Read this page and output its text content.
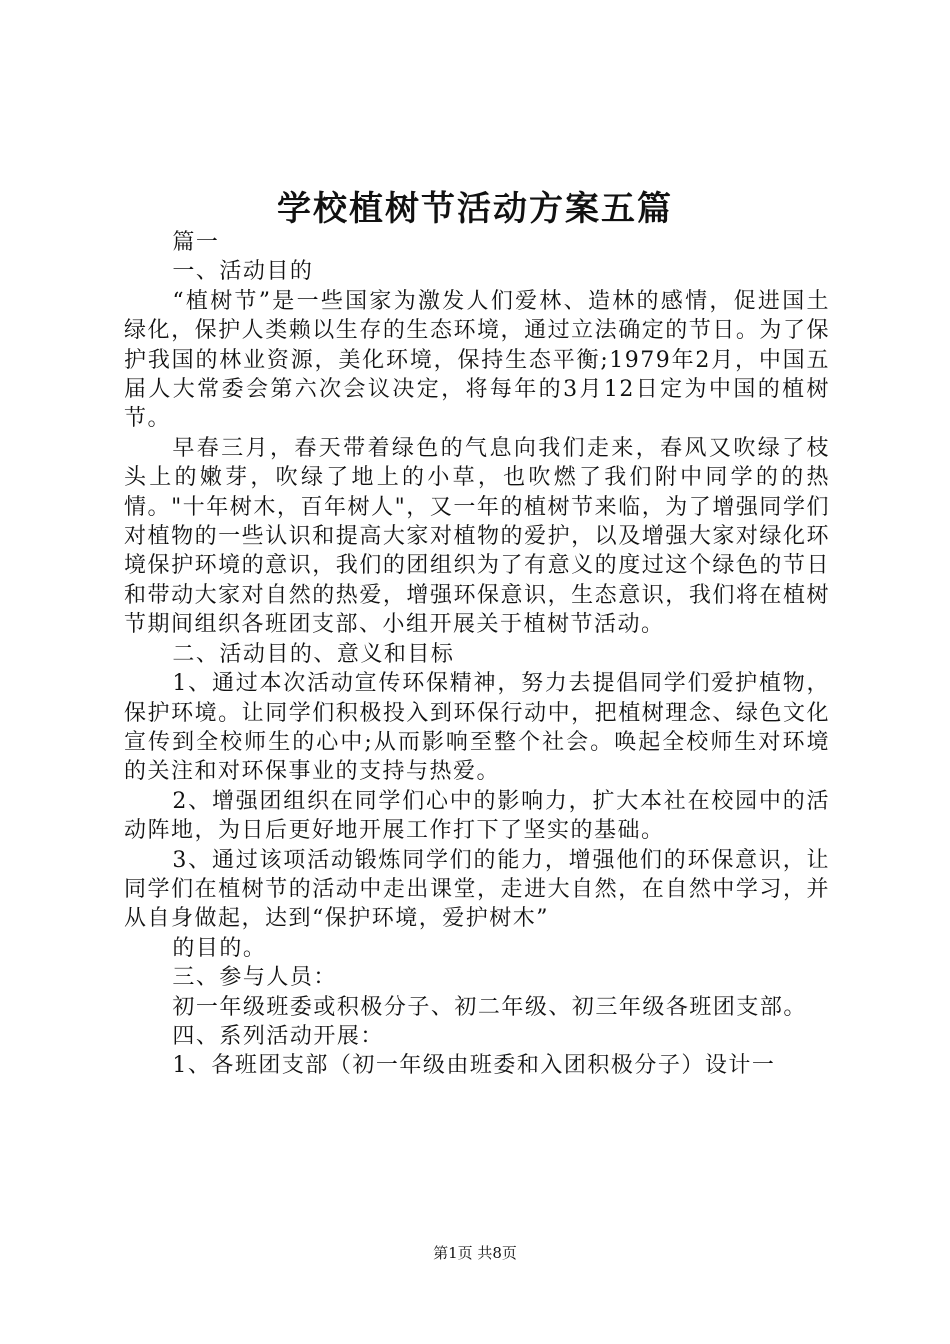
学校植树节活动方案五篇

篇一

一、活动目的

“植树节”是一些国家为激发人们爱林、造林的感情，促进国土绿化，保护人类赖以生存的生态环境，通过立法确定的节日。为了保护我国的林业资源，美化环境，保持生态平衡;1979年2月，中国五届人大常委会第六次会议决定，将每年的3月12日定为中国的植树节。

早春三月，春天带着绿色的气息向我们走来，春风又吹绿了枝头上的嫩芽，吹绿了地上的小草，也吹燃了我们附中同学的的热情。"十年树木，百年树人"，又一年的植树节来临，为了增强同学们对植物的一些认识和提高大家对植物的爱护，以及增强大家对绿化环境保护环境的意识，我们的团组织为了有意义的度过这个绿色的节日和带动大家对自然的热爱，增强环保意识，生态意识，我们将在植树节期间组织各班团支部、小组开展关于植树节活动。

二、活动目的、意义和目标

1、通过本次活动宣传环保精神，努力去提倡同学们爱护植物，保护环境。让同学们积极投入到环保行动中，把植树理念、绿色文化宣传到全校师生的心中;从而影响至整个社会。唤起全校师生对环境的关注和对环保事业的支持与热爱。

2、增强团组织在同学们心中的影响力，扩大本社在校园中的活动阵地，为日后更好地开展工作打下了坚实的基础。

3、通过该项活动锻炼同学们的能力，增强他们的环保意识，让同学们在植树节的活动中走出课堂，走进大自然，在自然中学习，并从自身做起，达到“保护环境，爱护树木”

的目的。

三、参与人员：

初一年级班委或积极分子、初二年级、初三年级各班团支部。

四、系列活动开展：

1、各班团支部（初一年级由班委和入团积极分子）设计一

第1页 共8页
